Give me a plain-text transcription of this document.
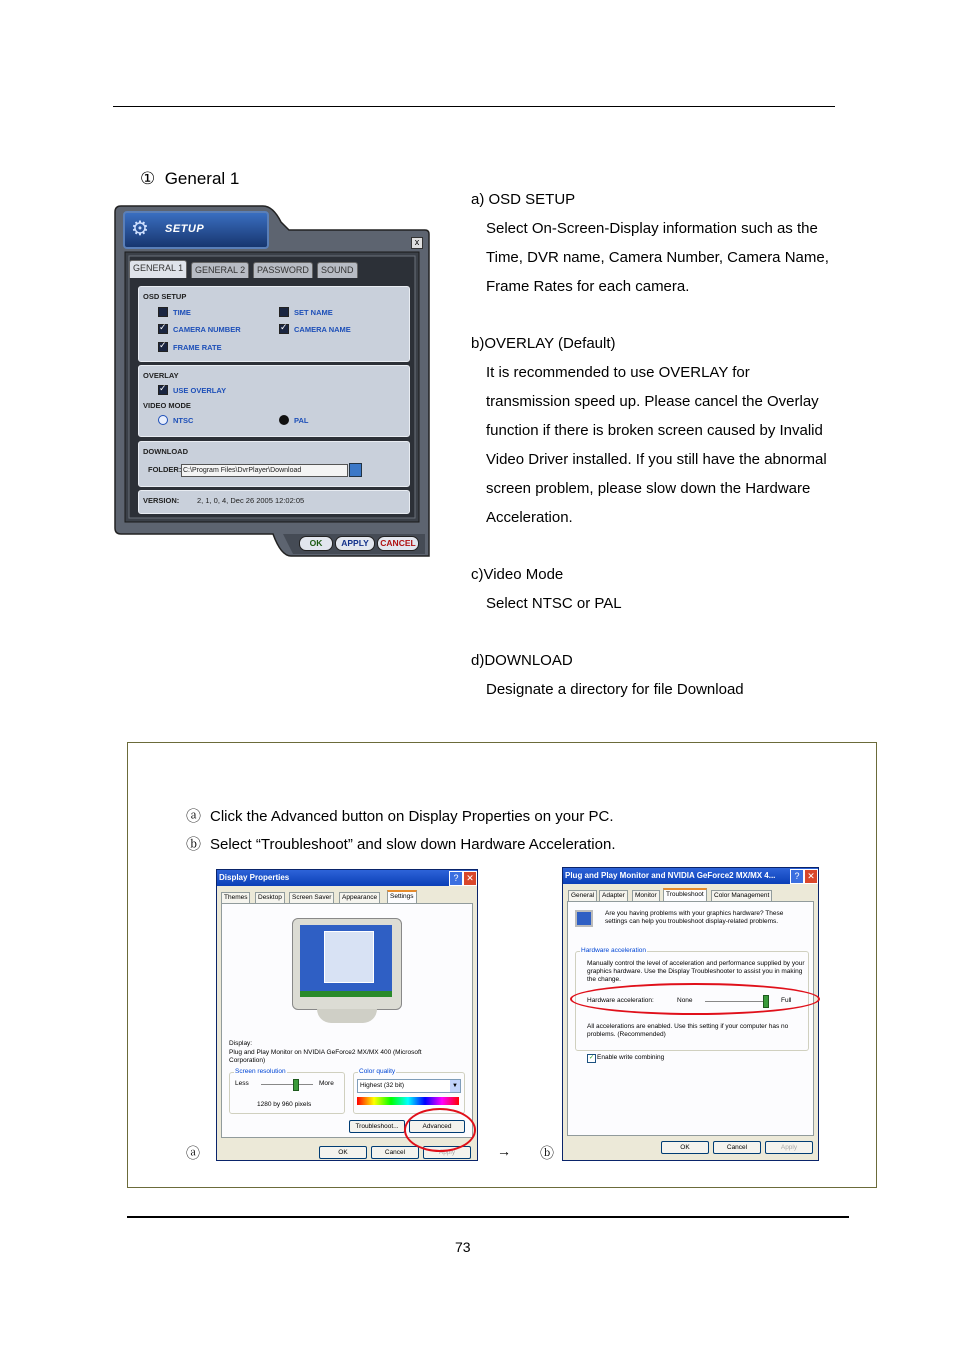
① General 1
a) OSD SETUP
Select On-Screen-Display information such as the
Time, DVR name, Camera Number, Camera Name,
Frame Rates for each camera.
b)OVERLAY (Default)
It is recommended to use OVERLAY for
transmission speed up. Please cancel the Overlay
function if there is broken screen caused by Invalid
Video Driver installed. If you still have the abnormal
screen problem, please slow down the Hardware
Acceleration.
c)Video Mode
Select NTSC or PAL
d)DOWNLOAD
Designate a directory for file Download
⚙	SETUP
x
GENERAL 1	GENERAL 2	PASSWORD	SOUND
OSD SETUP
TIME	SET NAME
✓
CAMERA NUMBER
✓	CAMERA NAME
✓
FRAME RATE
OVERLAY
✓
USE OVERLAY
VIDEO MODE
NTSC	PAL
DOWNLOAD
FOLDER: C:\Program Files\DvrPlayer\Download
VERSION: 2, 1, 0, 4, Dec 26 2005 12:02:05
OK	APPLY	CANCEL
ⓐ Click the Advanced button on Display Properties on your PC.
ⓑ Select “Troubleshoot” and slow down Hardware Acceleration.
ⓐ	→ ⓑ
Display Properties	? ✕
Themes	Desktop	Screen Saver	Appearance	Settings
Display:
Plug and Play Monitor on NVIDIA GeForce2 MX/MX 400 (Microsoft Corporation)
Screen resolution
Less	More
1280 by 960 pixels
Color quality
Highest (32 bit)	▼
Troubleshoot...	Advanced
OK	Cancel	Apply
Plug and Play Monitor and NVIDIA GeForce2 MX/MX 4...	? ✕
General	Adapter	Monitor	Troubleshoot	Color Management
Are you having problems with your graphics hardware? These settings can help you troubleshoot display-related problems.
Hardware acceleration
Manually control the level of acceleration and performance supplied by your graphics hardware. Use the Display Troubleshooter to assist you in making the change.
Hardware acceleration:	None	Full
All accelerations are enabled. Use this setting if your computer has no problems. (Recommended)
✓ Enable write combining
OK	Cancel	Apply
73
